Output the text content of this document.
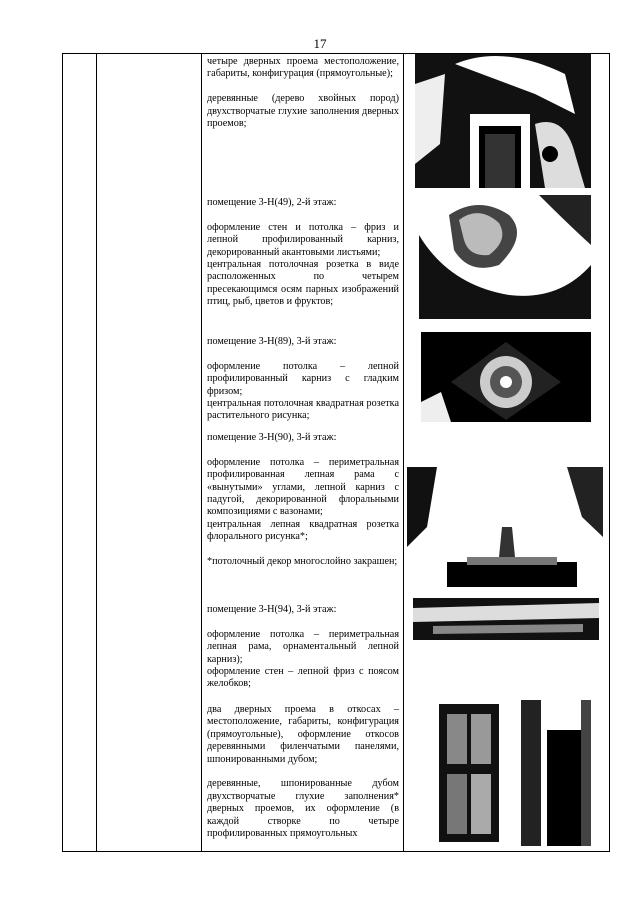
17

четыре дверных проема местоположение, габариты, конфигурация (прямоугольные);

деревянные (дерево хвойных пород) двухстворчатые глухие заполнения дверных проемов;

помещение 3-Н(49), 2-й этаж:

оформление стен и потолка – фриз и лепной профилированный карниз, декорированный акантовыми листьями;

центральная потолочная розетка в виде расположенных по четырем пресекающимся осям парных изображений птиц, рыб, цветов и фруктов;

помещение 3-Н(89), 3-й этаж:

оформление потолка – лепной профилированный карниз с гладким фризом;

центральная потолочная квадратная розетка растительного рисунка;

помещение 3-Н(90), 3-й этаж:

оформление потолка – периметральная профилированная лепная рама с «вынутыми» углами, лепной карниз с падугой, декорированной флоральными композициями с вазонами;

центральная лепная квадратная розетка флорального рисунка*;

*потолочный декор многослойно закрашен;

помещение 3-Н(94), 3-й этаж:

оформление потолка – периметральная лепная рама, орнаментальный лепной карниз);

оформление стен – лепной фриз с поясом желобков;

два дверных проема в откосах – местоположение, габариты, конфигурация (прямоугольные), оформление откосов деревянными филенчатыми панелями, шпонированными дубом;

деревянные, шпонированные дубом двухстворчатые глухие заполнения* дверных проемов, их оформление (в каждой створке по четыре профилированных прямоугольных
